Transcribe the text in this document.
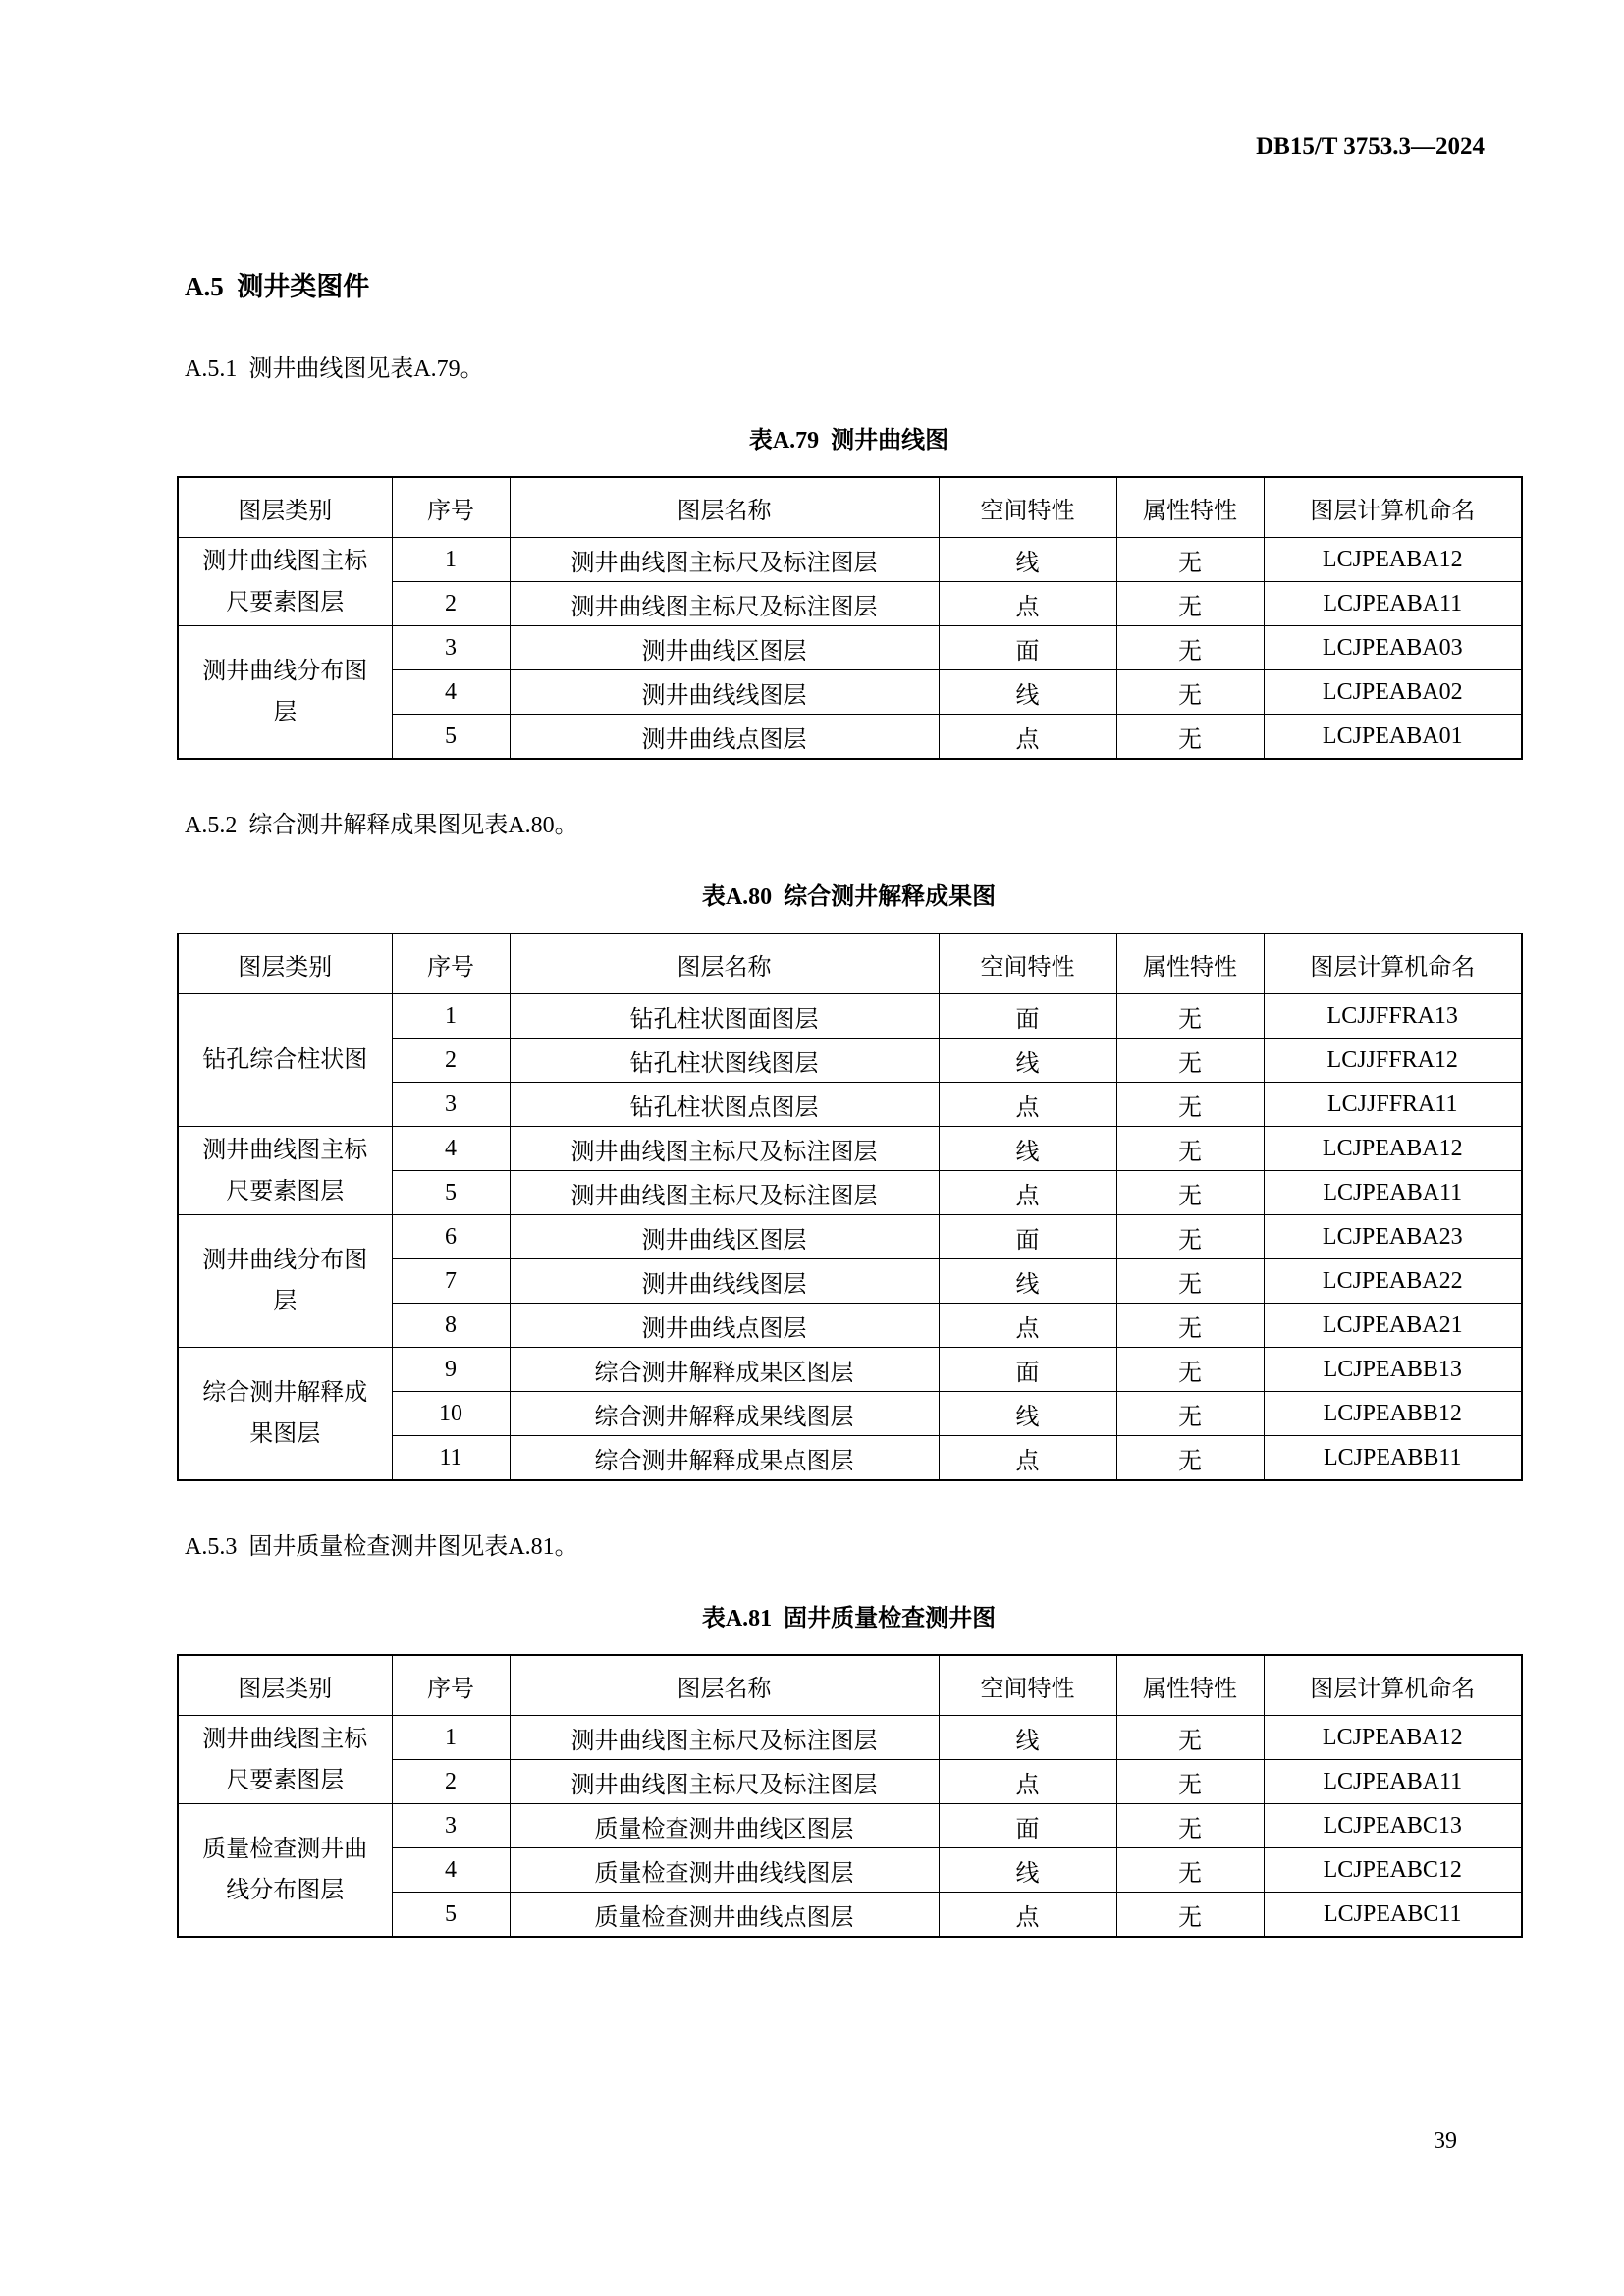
DB15/T 3753.3—2024
A.5  测井类图件

A.5.1  测井曲线图见表A.79。

表A.79  测井曲线图

图层类别	序号	图层名称	空间特性	属性特性	图层计算机命名
测井曲线图主标尺要素图层	1	测井曲线图主标尺及标注图层	线	无	LCJPEABA12
	2	测井曲线图主标尺及标注图层	点	无	LCJPEABA11
测井曲线分布图层	3	测井曲线区图层	面	无	LCJPEABA03
	4	测井曲线线图层	线	无	LCJPEABA02
	5	测井曲线点图层	点	无	LCJPEABA01

A.5.2  综合测井解释成果图见表A.80。

表A.80  综合测井解释成果图

图层类别	序号	图层名称	空间特性	属性特性	图层计算机命名
钻孔综合柱状图	1	钻孔柱状图面图层	面	无	LCJJFFRA13
	2	钻孔柱状图线图层	线	无	LCJJFFRA12
	3	钻孔柱状图点图层	点	无	LCJJFFRA11
测井曲线图主标尺要素图层	4	测井曲线图主标尺及标注图层	线	无	LCJPEABA12
	5	测井曲线图主标尺及标注图层	点	无	LCJPEABA11
测井曲线分布图层	6	测井曲线区图层	面	无	LCJPEABA23
	7	测井曲线线图层	线	无	LCJPEABA22
	8	测井曲线点图层	点	无	LCJPEABA21
综合测井解释成果图层	9	综合测井解释成果区图层	面	无	LCJPEABB13
	10	综合测井解释成果线图层	线	无	LCJPEABB12
	11	综合测井解释成果点图层	点	无	LCJPEABB11

A.5.3  固井质量检查测井图见表A.81。

表A.81  固井质量检查测井图

图层类别	序号	图层名称	空间特性	属性特性	图层计算机命名
测井曲线图主标尺要素图层	1	测井曲线图主标尺及标注图层	线	无	LCJPEABA12
	2	测井曲线图主标尺及标注图层	点	无	LCJPEABA11
质量检查测井曲线分布图层	3	质量检查测井曲线区图层	面	无	LCJPEABC13
	4	质量检查测井曲线线图层	线	无	LCJPEABC12
	5	质量检查测井曲线点图层	点	无	LCJPEABC11
39
